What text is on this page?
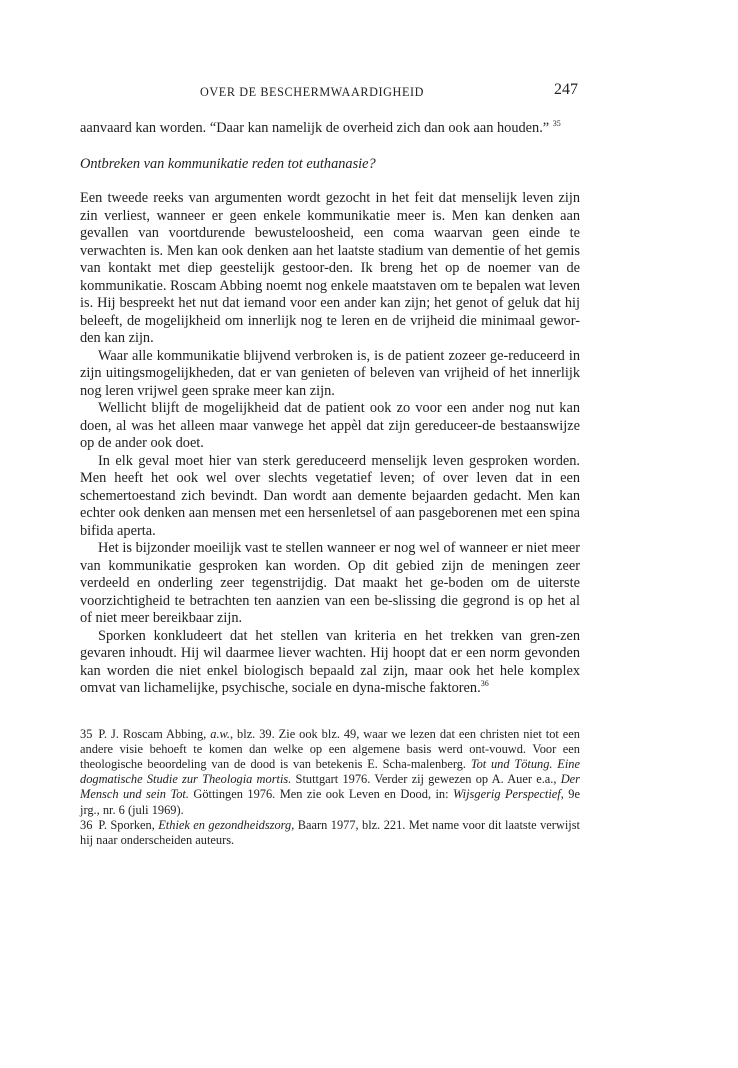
OVER DE BESCHERMWAARDIGHEID	247

aanvaard kan worden. “Daar kan namelijk de overheid zich dan ook aan houden.” $^{35}$

Ontbreken van kommunikatie reden tot euthanasie?

Een tweede reeks van argumenten wordt gezocht in het feit dat menselijk leven zijn zin verliest, wanneer er geen enkele kommunikatie meer is. Men kan denken aan gevallen van voortdurende bewusteloosheid, een coma waarvan geen einde te verwachten is. Men kan ook denken aan het laatste stadium van dementie of het gemis van kontakt met diep geestelijk gestoor-den. Ik breng het op de noemer van de kommunikatie. Roscam Abbing noemt nog enkele maatstaven om te bepalen wat leven is. Hij bespreekt het nut dat iemand voor een ander kan zijn; het genot of geluk dat hij beleeft, de mogelijkheid om innerlijk nog te leren en de vrijheid die minimaal gewor-den kan zijn.

Waar alle kommunikatie blijvend verbroken is, is de patient zozeer ge-reduceerd in zijn uitingsmogelijkheden, dat er van genieten of beleven van vrijheid of het innerlijk nog leren vrijwel geen sprake meer kan zijn.

Wellicht blijft de mogelijkheid dat de patient ook zo voor een ander nog nut kan doen, al was het alleen maar vanwege het appèl dat zijn gereduceer-de bestaanswijze op de ander ook doet.

In elk geval moet hier van sterk gereduceerd menselijk leven gesproken worden. Men heeft het ook wel over slechts vegetatief leven; of over leven dat in een schemertoestand zich bevindt. Dan wordt aan demente bejaarden gedacht. Men kan echter ook denken aan mensen met een hersenletsel of aan pasgeborenen met een spina bifida aperta.

Het is bijzonder moeilijk vast te stellen wanneer er nog wel of wanneer er niet meer van kommunikatie gesproken kan worden. Op dit gebied zijn de meningen zeer verdeeld en onderling zeer tegenstrijdig. Dat maakt het ge-boden om de uiterste voorzichtigheid te betrachten ten aanzien van een be-slissing die gegrond is op het al of niet meer bereikbaar zijn.

Sporken konkludeert dat het stellen van kriteria en het trekken van gren-zen gevaren inhoudt. Hij wil daarmee liever wachten. Hij hoopt dat er een norm gevonden kan worden die niet enkel biologisch bepaald zal zijn, maar ook het hele komplex omvat van lichamelijke, psychische, sociale en dyna-mische faktoren.$^{36}$

35 P. J. Roscam Abbing, a.w., blz. 39. Zie ook blz. 49, waar we lezen dat een christen niet tot een andere visie behoeft te komen dan welke op een algemene basis werd ont-vouwd. Voor een theologische beoordeling van de dood is van betekenis E. Scha-malenberg. Tot und Tötung. Eine dogmatische Studie zur Theologia mortis. Stuttgart 1976. Verder zij gewezen op A. Auer e.a., Der Mensch und sein Tot. Göttingen 1976. Men zie ook Leven en Dood, in: Wijsgerig Perspectief, 9e jrg., nr. 6 (juli 1969).

36 P. Sporken, Ethiek en gezondheidszorg, Baarn 1977, blz. 221. Met name voor dit laatste verwijst hij naar onderscheiden auteurs.
